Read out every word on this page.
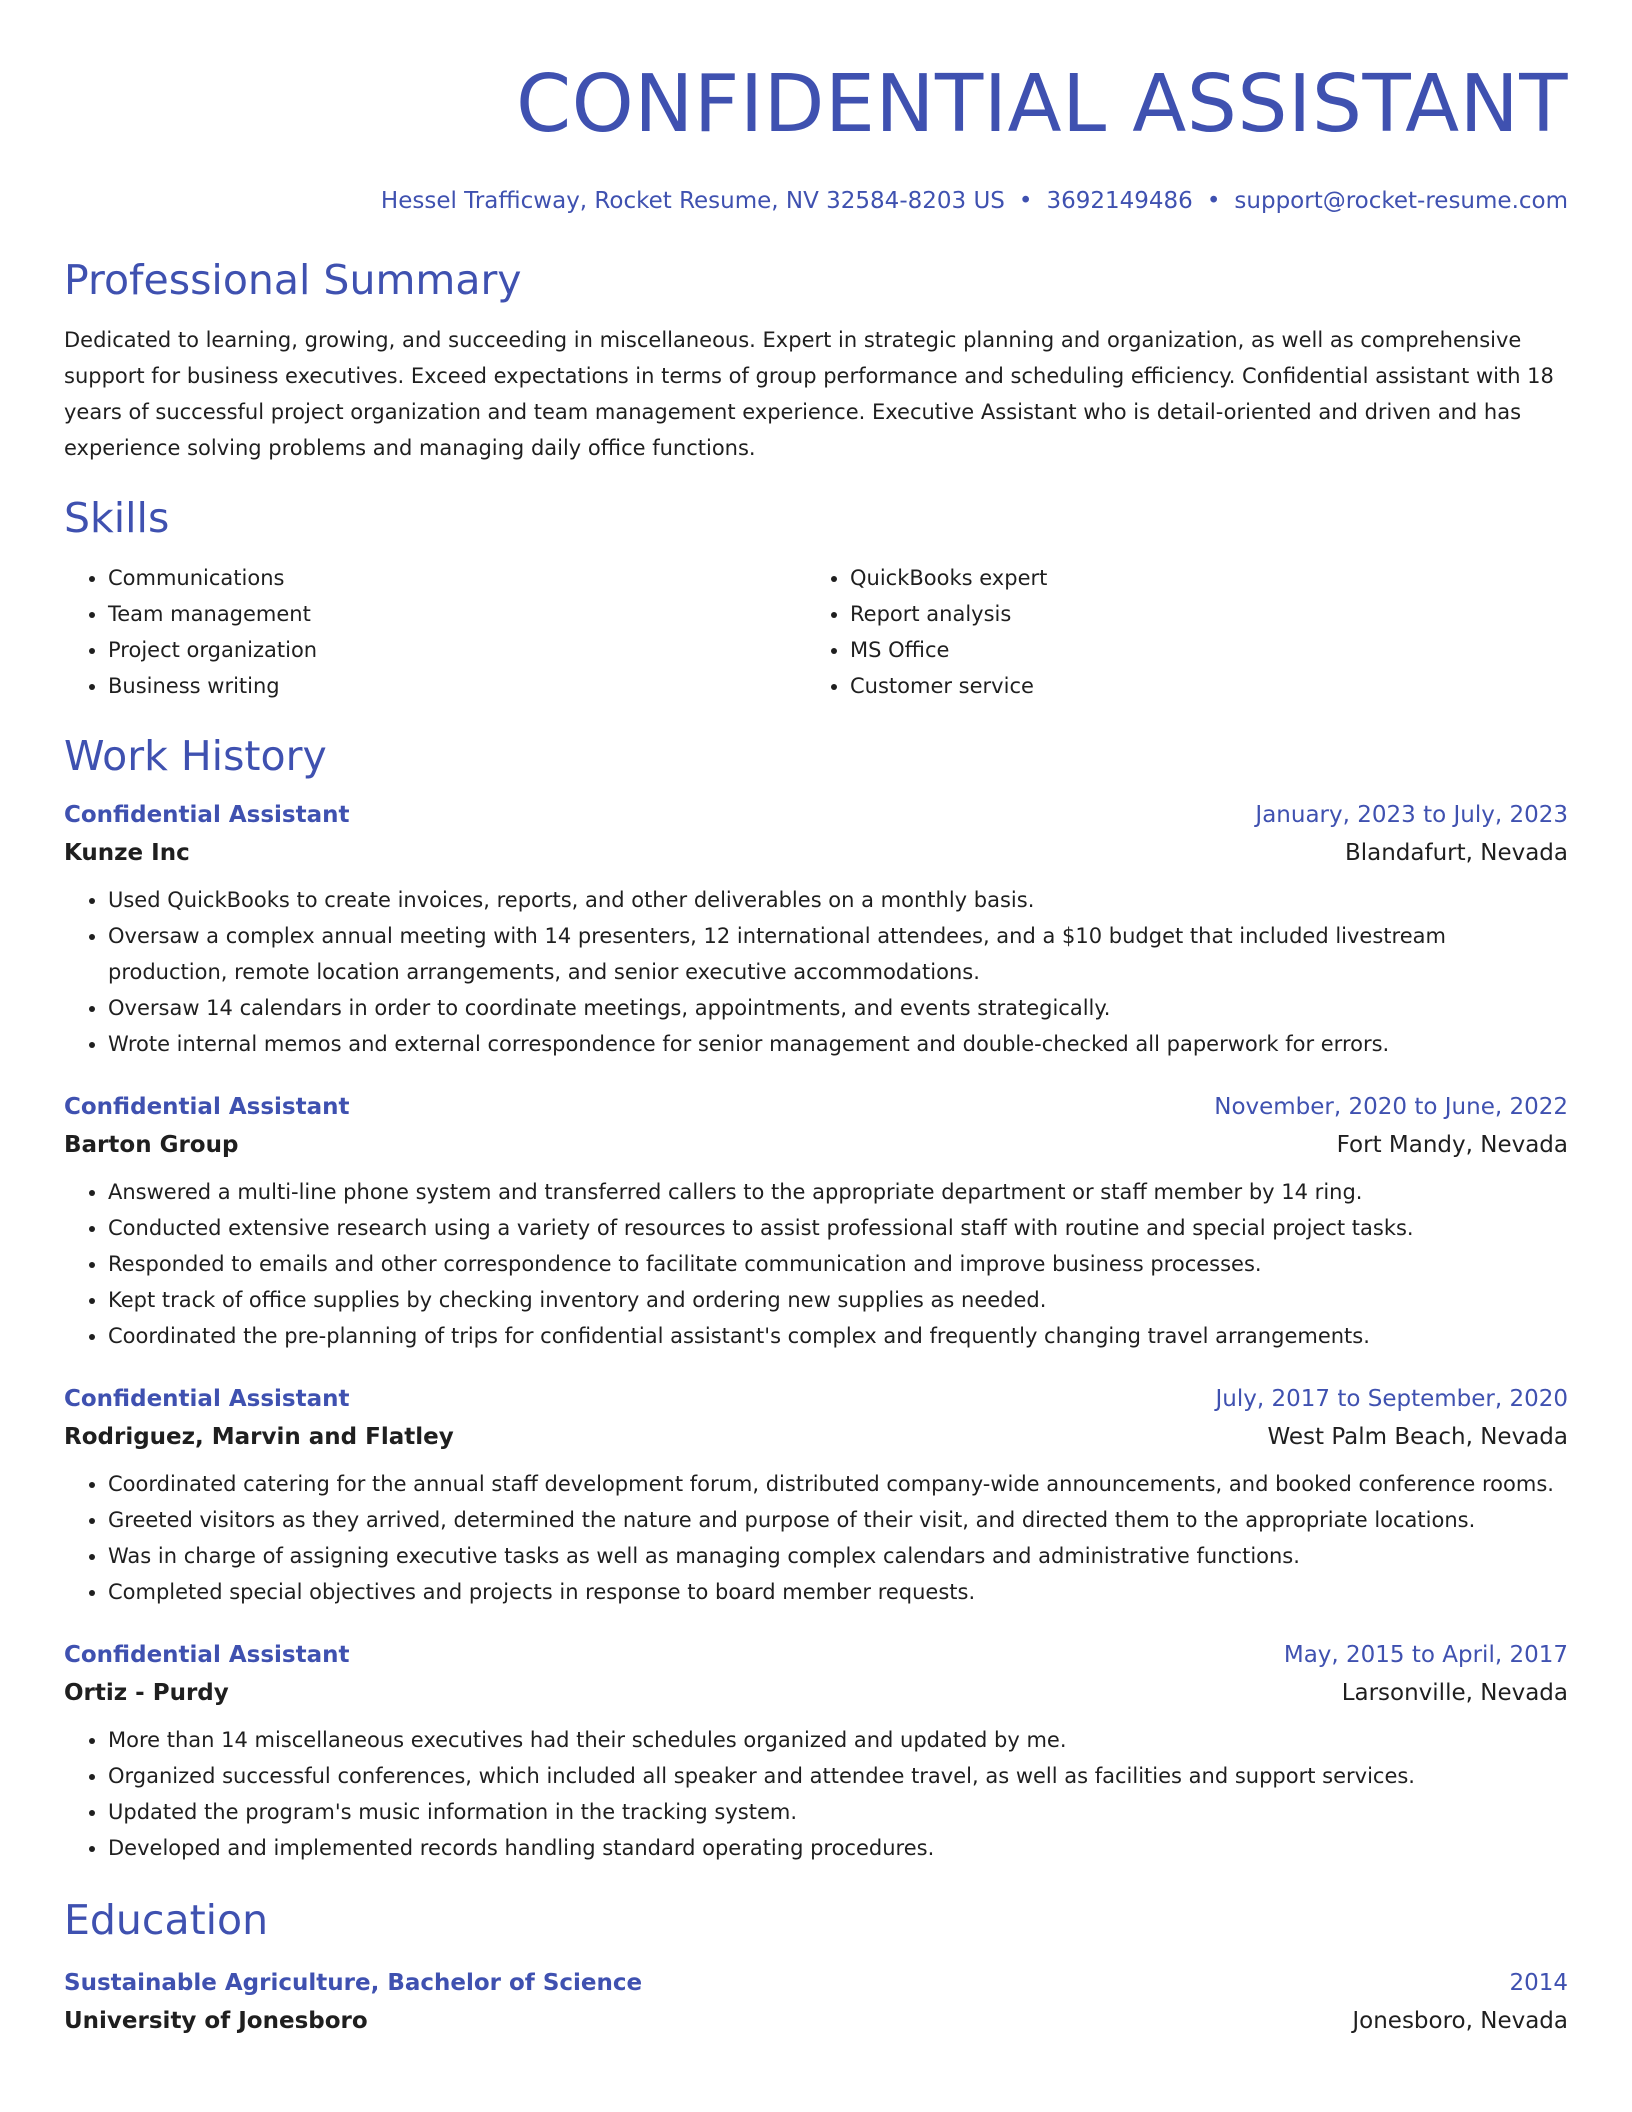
CONFIDENTIAL ASSISTANT
Hessel Trafficway, Rocket Resume, NV 32584-8203 US • 3692149486 • support@rocket-resume.com
Professional Summary
Dedicated to learning, growing, and succeeding in miscellaneous. Expert in strategic planning and organization, as well as comprehensive support for business executives. Exceed expectations in terms of group performance and scheduling efficiency. Confidential assistant with 18 years of successful project organization and team management experience. Executive Assistant who is detail-oriented and driven and has experience solving problems and managing daily office functions.
Skills
• Communications
• Team management
• Project organization
• Business writing
• QuickBooks expert
• Report analysis
• MS Office
• Customer service
Work History
Confidential Assistant	January, 2023 to July, 2023
Kunze Inc	Blandafurt, Nevada
• Used QuickBooks to create invoices, reports, and other deliverables on a monthly basis.
• Oversaw a complex annual meeting with 14 presenters, 12 international attendees, and a $10 budget that included livestream production, remote location arrangements, and senior executive accommodations.
• Oversaw 14 calendars in order to coordinate meetings, appointments, and events strategically.
• Wrote internal memos and external correspondence for senior management and double-checked all paperwork for errors.
Confidential Assistant	November, 2020 to June, 2022
Barton Group	Fort Mandy, Nevada
• Answered a multi-line phone system and transferred callers to the appropriate department or staff member by 14 ring.
• Conducted extensive research using a variety of resources to assist professional staff with routine and special project tasks.
• Responded to emails and other correspondence to facilitate communication and improve business processes.
• Kept track of office supplies by checking inventory and ordering new supplies as needed.
• Coordinated the pre-planning of trips for confidential assistant's complex and frequently changing travel arrangements.
Confidential Assistant	July, 2017 to September, 2020
Rodriguez, Marvin and Flatley	West Palm Beach, Nevada
• Coordinated catering for the annual staff development forum, distributed company-wide announcements, and booked conference rooms.
• Greeted visitors as they arrived, determined the nature and purpose of their visit, and directed them to the appropriate locations.
• Was in charge of assigning executive tasks as well as managing complex calendars and administrative functions.
• Completed special objectives and projects in response to board member requests.
Confidential Assistant	May, 2015 to April, 2017
Ortiz - Purdy	Larsonville, Nevada
• More than 14 miscellaneous executives had their schedules organized and updated by me.
• Organized successful conferences, which included all speaker and attendee travel, as well as facilities and support services.
• Updated the program's music information in the tracking system.
• Developed and implemented records handling standard operating procedures.
Education
Sustainable Agriculture, Bachelor of Science	2014
University of Jonesboro	Jonesboro, Nevada
